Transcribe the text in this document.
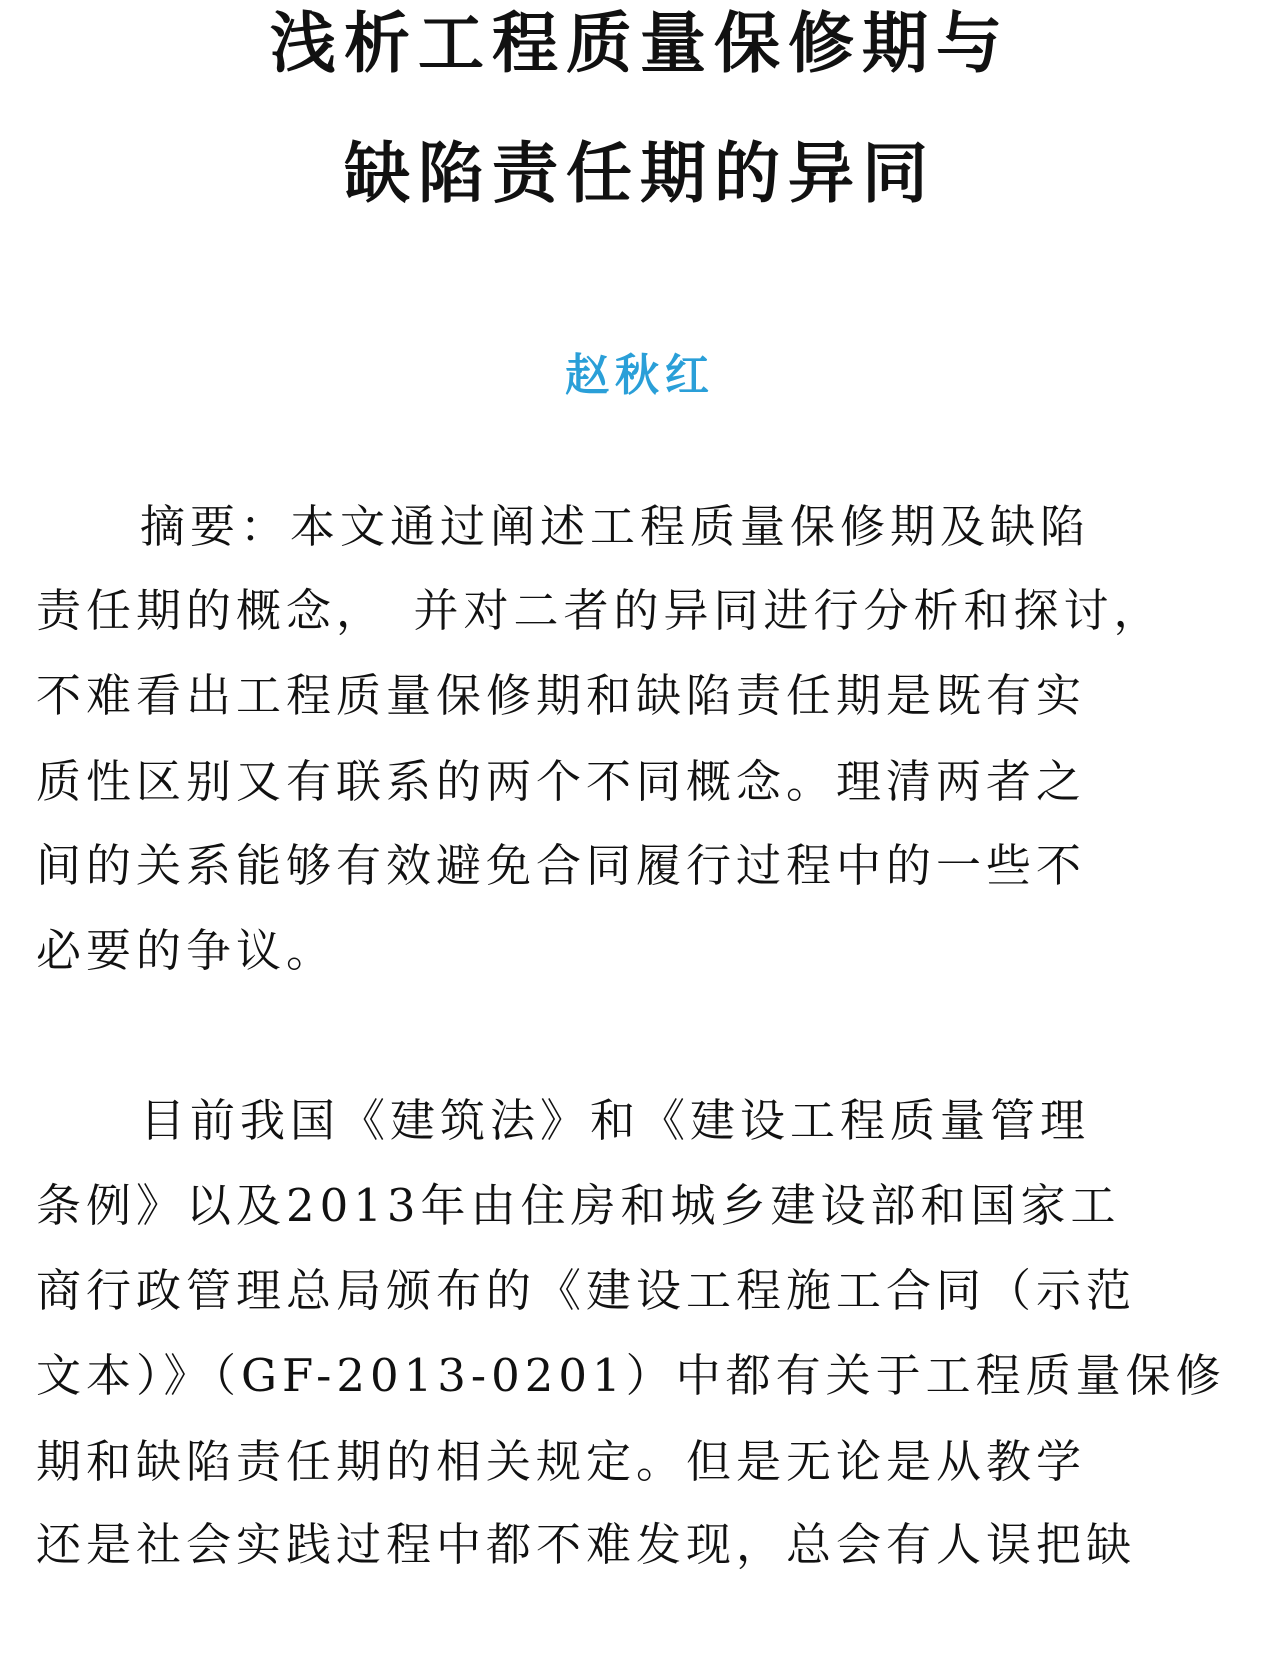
浅析工程质量保修期与
缺陷责任期的异同
赵秋红
摘要：本文通过阐述工程质量保修期及缺陷
责任期的概念，　并对二者的异同进行分析和探讨，
不难看出工程质量保修期和缺陷责任期是既有实
质性区别又有联系的两个不同概念。理清两者之
间的关系能够有效避免合同履行过程中的一些不
必要的争议。
目前我国《建筑法》和《建设工程质量管理
条例》以及2013年由住房和城乡建设部和国家工
商行政管理总局颁布的《建设工程施工合同（示范
文本）》（GF-2013-0201）中都有关于工程质量保修
期和缺陷责任期的相关规定。但是无论是从教学
还是社会实践过程中都不难发现，总会有人误把缺
